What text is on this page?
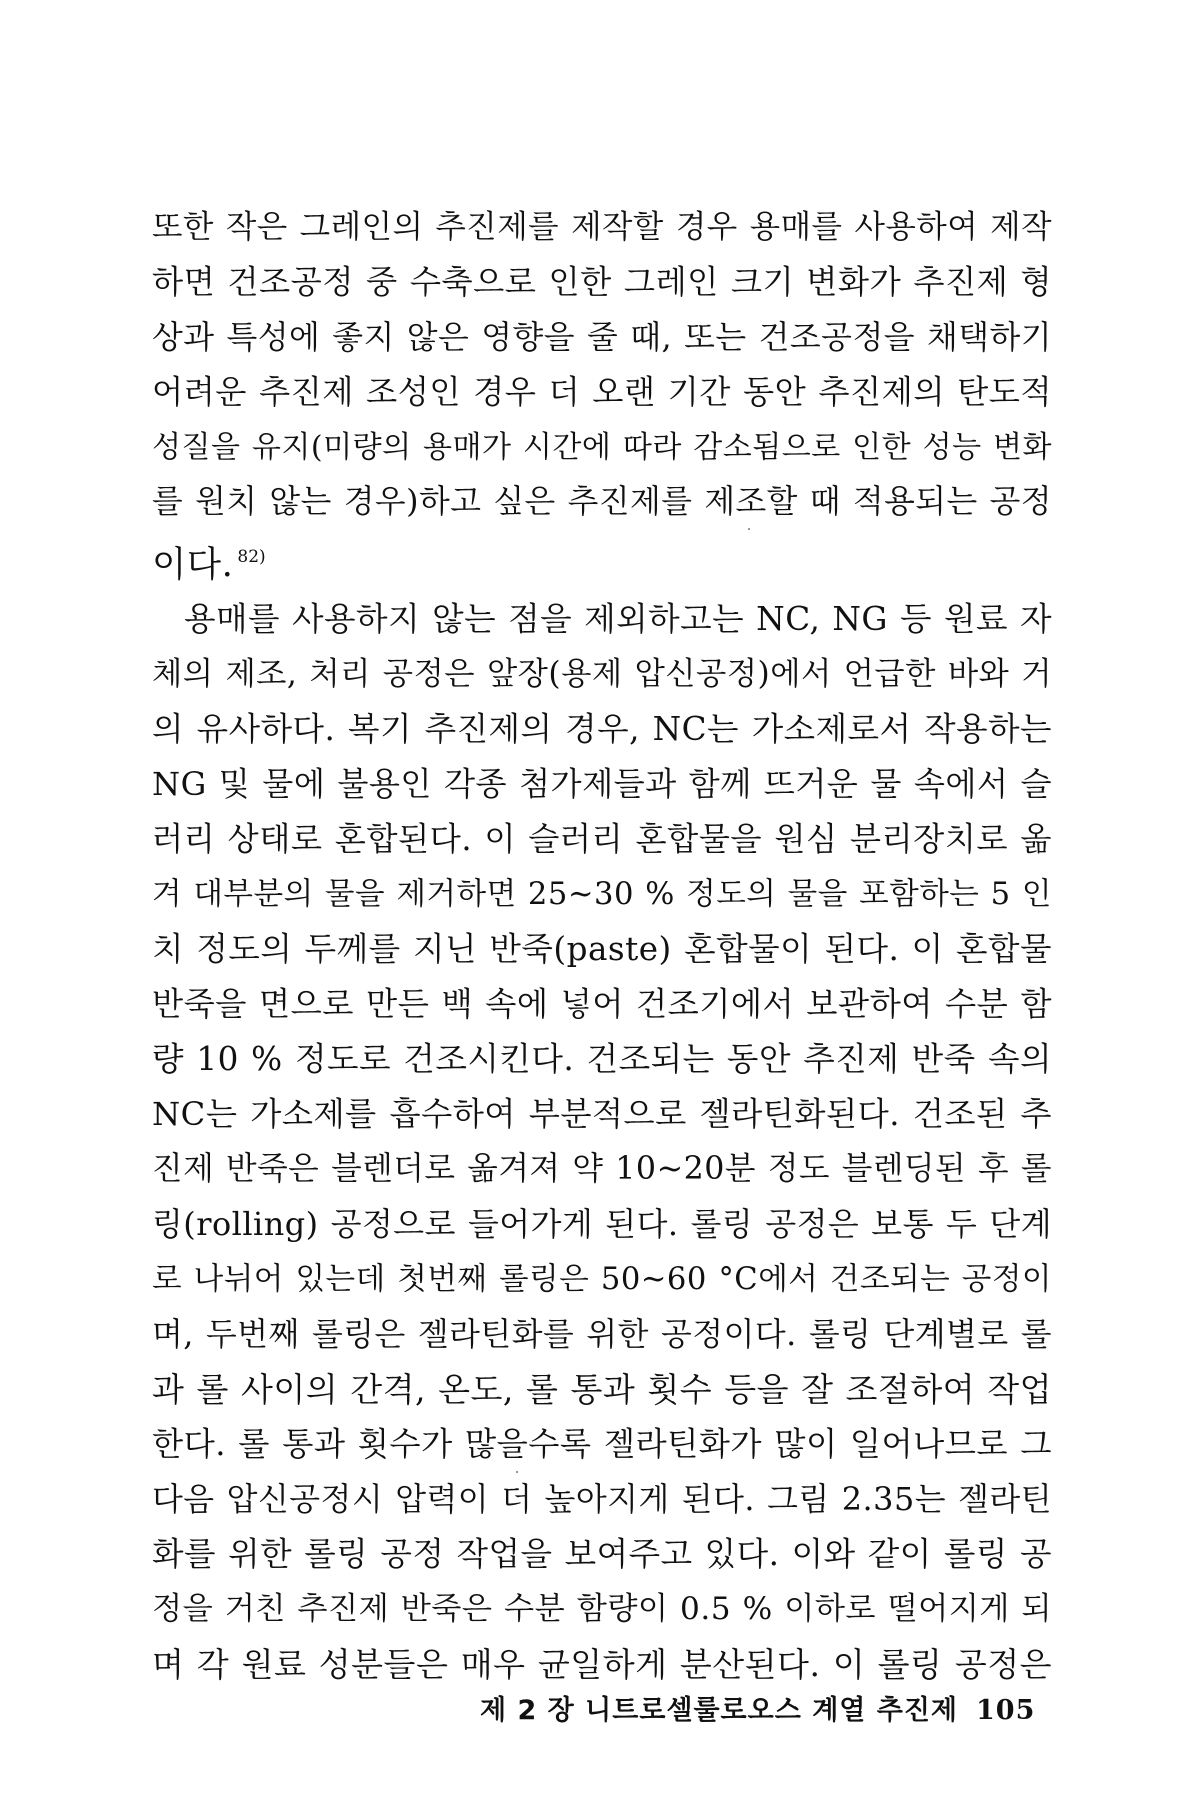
또한 작은 그레인의 추진제를 제작할 경우 용매를 사용하여 제작
하면 건조공정 중 수축으로 인한 그레인 크기 변화가 추진제 형
상과 특성에 좋지 않은 영향을 줄 때, 또는 건조공정을 채택하기
어려운 추진제 조성인 경우 더 오랜 기간 동안 추진제의 탄도적
성질을 유지(미량의 용매가 시간에 따라 감소됨으로 인한 성능 변화
를 원치 않는 경우)하고 싶은 추진제를 제조할 때 적용되는 공정
이다. $^{82)}$

용매를 사용하지 않는 점을 제외하고는 NC, NG 등 원료 자
체의 제조, 처리 공정은 앞장(용제 압신공정)에서 언급한 바와 거
의 유사하다. 복기 추진제의 경우, NC는 가소제로서 작용하는
NG 및 물에 불용인 각종 첨가제들과 함께 뜨거운 물 속에서 슬
러리 상태로 혼합된다. 이 슬러리 혼합물을 원심 분리장치로 옮
겨 대부분의 물을 제거하면 25~30 % 정도의 물을 포함하는 5 인
치 정도의 두께를 지닌 반죽(paste) 혼합물이 된다. 이 혼합물
반죽을 면으로 만든 백 속에 넣어 건조기에서 보관하여 수분 함
량 10 % 정도로 건조시킨다. 건조되는 동안 추진제 반죽 속의
NC는 가소제를 흡수하여 부분적으로 젤라틴화된다. 건조된 추
진제 반죽은 블렌더로 옮겨져 약 10~20분 정도 블렌딩된 후 롤
링(rolling) 공정으로 들어가게 된다. 롤링 공정은 보통 두 단계
로 나뉘어 있는데 첫번째 롤링은 50~60 °C에서 건조되는 공정이
며, 두번째 롤링은 젤라틴화를 위한 공정이다. 롤링 단계별로 롤
과 롤 사이의 간격, 온도, 롤 통과 횟수 등을 잘 조절하여 작업
한다. 롤 통과 횟수가 많을수록 젤라틴화가 많이 일어나므로 그
다음 압신공정시 압력이 더 높아지게 된다. 그림 2.35는 젤라틴
화를 위한 롤링 공정 작업을 보여주고 있다. 이와 같이 롤링 공
정을 거친 추진제 반죽은 수분 함량이 0.5 % 이하로 떨어지게 되
며 각 원료 성분들은 매우 균일하게 분산된다. 이 롤링 공정은

제 2 장 니트로셀룰로오스 계열 추진제 105
